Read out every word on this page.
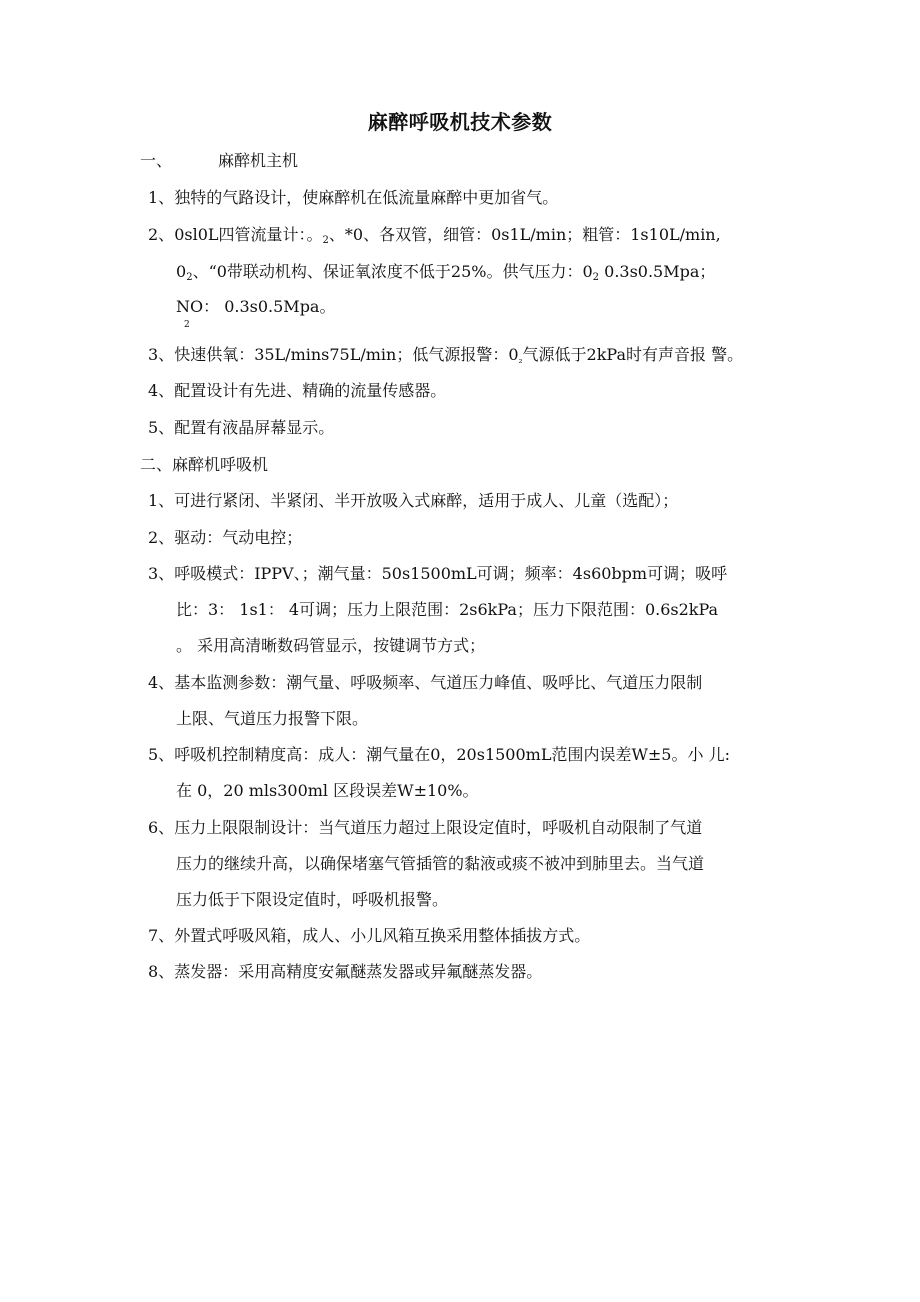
麻醉呼吸机技术参数
一、	麻醉机主机
1、独特的气路设计，使麻醉机在低流量麻醉中更加省气。
2、0sl0L四管流量计：。$_2$、*0、各双管，细管：0s1L/min；粗管：1s10L/min,
$0_2$、“0带联动机构、保证氧浓度不低于25%。供气压力：$0_2$ 0.3s0.5Mpa；
NO： 0.3s0.5Mpa。
2
3、快速供氧：35L/mins75L/min；低气源报警：$0_{_2}$气源低于2kPa时有声音报 警。
4、配置设计有先进、精确的流量传感器。
5、配置有液晶屏幕显示。
二、麻醉机呼吸机
1、可进行紧闭、半紧闭、半开放吸入式麻醉，适用于成人、儿童（选配）；
2、驱动：气动电控；
3、呼吸模式：IPPV、；潮气量：50s1500mL可调；频率：4s60bpm可调；吸呼
比：3： 1s1： 4可调；压力上限范围：2s6kPa；压力下限范围：0.6s2kPa
。 采用高清晰数码管显示，按键调节方式；
4、基本监测参数：潮气量、呼吸频率、气道压力峰值、吸呼比、气道压力限制
上限、气道压力报警下限。
5、呼吸机控制精度高：成人：潮气量在0，20s1500mL范围内误差W±5。小 儿:
在 0，20 mls300ml 区段误差W±10%。
6、压力上限限制设计：当气道压力超过上限设定值时，呼吸机自动限制了气道
压力的继续升高，以确保堵塞气管插管的黏液或痰不被冲到肺里去。当气道
压力低于下限设定值时，呼吸机报警。
7、外置式呼吸风箱，成人、小儿风箱互换采用整体插拔方式。
8、蒸发器：采用高精度安氟醚蒸发器或异氟醚蒸发器。
